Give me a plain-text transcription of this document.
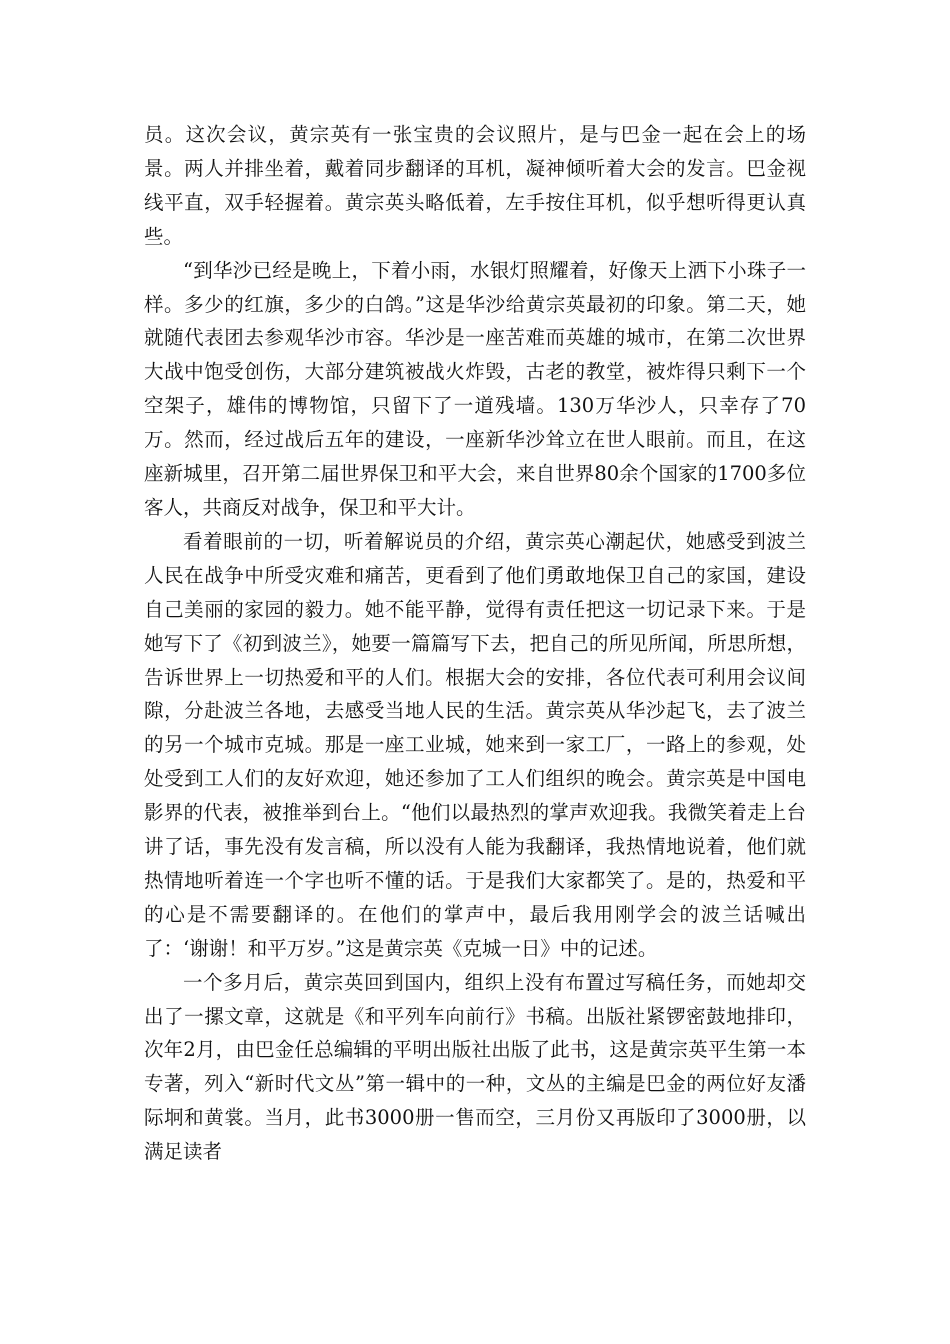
员。这次会议，黄宗英有一张宝贵的会议照片，是与巴金一起在会上的场景。两人并排坐着，戴着同步翻译的耳机，凝神倾听着大会的发言。巴金视线平直，双手轻握着。黄宗英头略低着，左手按住耳机，似乎想听得更认真些。

“到华沙已经是晚上，下着小雨，水银灯照耀着，好像天上洒下小珠子一样。多少的红旗，多少的白鸽。”这是华沙给黄宗英最初的印象。第二天，她就随代表团去参观华沙市容。华沙是一座苦难而英雄的城市，在第二次世界大战中饱受创伤，大部分建筑被战火炸毁，古老的教堂，被炸得只剩下一个空架子，雄伟的博物馆，只留下了一道残墙。130万华沙人，只幸存了70万。然而，经过战后五年的建设，一座新华沙耸立在世人眼前。而且，在这座新城里，召开第二届世界保卫和平大会，来自世界80余个国家的1700多位客人，共商反对战争，保卫和平大计。

看着眼前的一切，听着解说员的介绍，黄宗英心潮起伏，她感受到波兰人民在战争中所受灾难和痛苦，更看到了他们勇敢地保卫自己的家国，建设自己美丽的家园的毅力。她不能平静，觉得有责任把这一切记录下来。于是她写下了《初到波兰》，她要一篇篇写下去，把自己的所见所闻，所思所想，告诉世界上一切热爱和平的人们。根据大会的安排，各位代表可利用会议间隙，分赴波兰各地，去感受当地人民的生活。黄宗英从华沙起飞，去了波兰的另一个城市克城。那是一座工业城，她来到一家工厂，一路上的参观，处处受到工人们的友好欢迎，她还参加了工人们组织的晚会。黄宗英是中国电影界的代表，被推举到台上。“他们以最热烈的掌声欢迎我。我微笑着走上台讲了话，事先没有发言稿，所以没有人能为我翻译，我热情地说着，他们就热情地听着连一个字也听不懂的话。于是我们大家都笑了。是的，热爱和平的心是不需要翻译的。在他们的掌声中，最后我用刚学会的波兰话喊出了：‘谢谢！和平万岁。”这是黄宗英《克城一日》中的记述。

一个多月后，黄宗英回到国内，组织上没有布置过写稿任务，而她却交出了一摞文章，这就是《和平列车向前行》书稿。出版社紧锣密鼓地排印，次年2月，由巴金任总编辑的平明出版社出版了此书，这是黄宗英平生第一本专著，列入“新时代文丛”第一辑中的一种，文丛的主编是巴金的两位好友潘际坰和黄裳。当月，此书3000册一售而空，三月份又再版印了3000册，以满足读者
